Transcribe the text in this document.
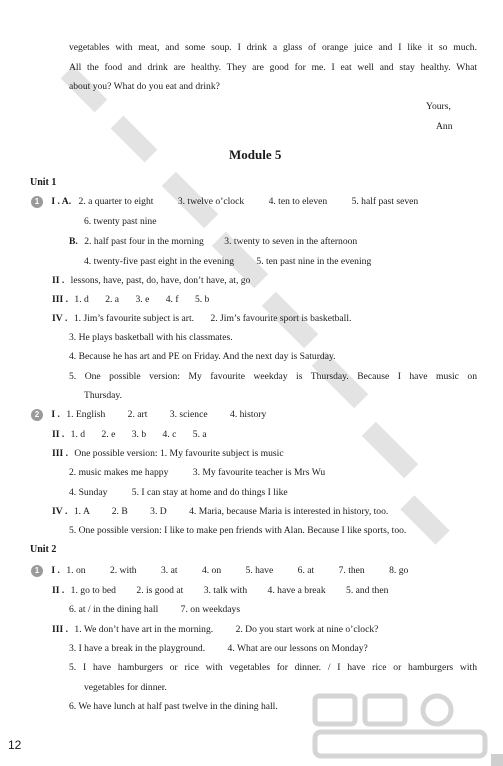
vegetables with meat, and some soup. I drink a glass of orange juice and I like it so much.
All the food and drink are healthy. They are good for me. I eat well and stay healthy. What
about you? What do you eat and drink?
Yours,
Ann
Module 5
Unit 1
1 I . A. 2. a quarter to eight	3. twelve o’clock	4. ten to eleven	5. half past seven
6. twenty past nine
B. 2. half past four in the morning 3. twenty to seven in the afternoon
4. twenty-five past eight in the evening 5. ten past nine in the evening
II . lessons, have, past, do, have, don’t have, at, go
III . 1. d 2. a 3. e 4. f 5. b
IV . 1. Jim’s favourite subject is art. 2. Jim’s favourite sport is basketball.
3. He plays basketball with his classmates.
4. Because he has art and PE on Friday. And the next day is Saturday.
5. One possible version: My favourite weekday is Thursday. Because I have music on
Thursday.
2 I . 1. English 2. art 3. science 4. history
II . 1. d 2. e 3. b 4. c 5. a
III . One possible version: 1. My favourite subject is music
2. music makes me happy	3. My favourite teacher is Mrs Wu
4. Sunday	5. I can stay at home and do things I like
IV . 1. A 2. B 3. D 4. Maria, because Maria is interested in history, too.
5. One possible version: I like to make pen friends with Alan. Because I like sports, too.
Unit 2
1 I . 1. on	2. with	3. at	4. on	5. have	6. at	7. then	8. go
II . 1. go to bed 2. is good at 3. talk with 4. have a break 5. and then
6. at / in the dining hall 7. on weekdays
III . 1. We don’t have art in the morning. 2. Do you start work at nine o’clock?
3. I have a break in the playground. 4. What are our lessons on Monday?
5. I have hamburgers or rice with vegetables for dinner. / I have rice or hamburgers with
vegetables for dinner.
6. We have lunch at half past twelve in the dining hall.
12
